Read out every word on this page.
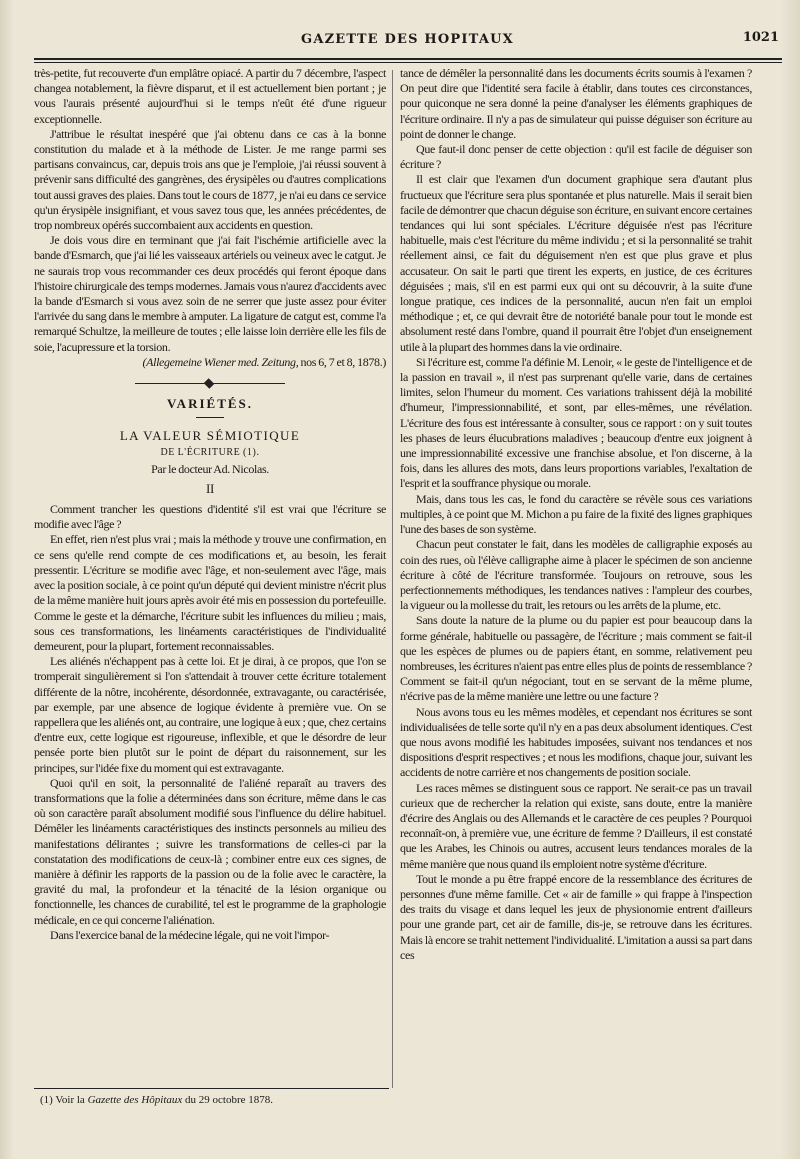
GAZETTE DES HOPITAUX	1021

très-petite, fut recouverte d'un emplâtre opiacé. A partir du 7 décembre, l'aspect changea notablement, la fièvre disparut, et il est actuellement bien portant ; je vous l'aurais présenté aujourd'hui si le temps n'eût été d'une rigueur exceptionnelle.

J'attribue le résultat inespéré que j'ai obtenu dans ce cas à la bonne constitution du malade et à la méthode de Lister. Je me range parmi ses partisans convaincus, car, depuis trois ans que je l'emploie, j'ai réussi souvent à prévenir sans difficulté des gangrènes, des érysipèles ou d'autres complications tout aussi graves des plaies. Dans tout le cours de 1877, je n'ai eu dans ce service qu'un érysipèle insignifiant, et vous savez tous que, les années précédentes, de trop nombreux opérés succombaient aux accidents en question.

Je dois vous dire en terminant que j'ai fait l'ischémie artificielle avec la bande d'Esmarch, que j'ai lié les vaisseaux artériels ou veineux avec le catgut. Je ne saurais trop vous recommander ces deux procédés qui feront époque dans l'histoire chirurgicale des temps modernes. Jamais vous n'aurez d'accidents avec la bande d'Esmarch si vous avez soin de ne serrer que juste assez pour éviter l'arrivée du sang dans le membre à amputer. La ligature de catgut est, comme l'a remarqué Schultze, la meilleure de toutes ; elle laisse loin derrière elle les fils de soie, l'acupressure et la torsion.

(Allegemeine Wiener med. Zeitung, nos 6, 7 et 8, 1878.)

VARIÉTÉS.
LA VALEUR SÉMIOTIQUE
DE L'ÉCRITURE (1).
Par le docteur Ad. Nicolas.
II

Comment trancher les questions d'identité s'il est vrai que l'écriture se modifie avec l'âge ?

En effet, rien n'est plus vrai ; mais la méthode y trouve une confirmation, en ce sens qu'elle rend compte de ces modifications et, au besoin, les ferait pressentir. L'écriture se modifie avec l'âge, et non-seulement avec l'âge, mais avec la position sociale, à ce point qu'un député qui devient ministre n'écrit plus de la même manière huit jours après avoir été mis en possession du portefeuille. Comme le geste et la démarche, l'écriture subit les influences du milieu ; mais, sous ces transformations, les linéaments caractéristiques de l'individualité demeurent, pour la plupart, fortement reconnaissables.

Les aliénés n'échappent pas à cette loi. Et je dirai, à ce propos, que l'on se tromperait singulièrement si l'on s'attendait à trouver cette écriture totalement différente de la nôtre, incohérente, désordonnée, extravagante, ou caractérisée, par exemple, par une absence de logique évidente à première vue. On se rappellera que les aliénés ont, au contraire, une logique à eux ; que, chez certains d'entre eux, cette logique est rigoureuse, inflexible, et que le désordre de leur pensée porte bien plutôt sur le point de départ du raisonnement, sur les principes, sur l'idée fixe du moment qui est extravagante.

Quoi qu'il en soit, la personnalité de l'aliéné reparaît au travers des transformations que la folie a déterminées dans son écriture, même dans le cas où son caractère paraît absolument modifié sous l'influence du délire habituel. Démêler les linéaments caractéristiques des instincts personnels au milieu des manifestations délirantes ; suivre les transformations de celles-ci par la constatation des modifications de ceux-là ; combiner entre eux ces signes, de manière à définir les rapports de la passion ou de la folie avec le caractère, la gravité du mal, la profondeur et la ténacité de la lésion organique ou fonctionnelle, les chances de curabilité, tel est le programme de la graphologie médicale, en ce qui concerne l'aliénation.

Dans l'exercice banal de la médecine légale, qui ne voit l'impor-

tance de démêler la personnalité dans les documents écrits soumis à l'examen ? On peut dire que l'identité sera facile à établir, dans toutes ces circonstances, pour quiconque ne sera donné la peine d'analyser les éléments graphiques de l'écriture ordinaire. Il n'y a pas de simulateur qui puisse déguiser son écriture au point de donner le change.

Que faut-il donc penser de cette objection : qu'il est facile de déguiser son écriture ?

Il est clair que l'examen d'un document graphique sera d'autant plus fructueux que l'écriture sera plus spontanée et plus naturelle. Mais il serait bien facile de démontrer que chacun déguise son écriture, en suivant encore certaines tendances qui lui sont spéciales. L'écriture déguisée n'est pas l'écriture habituelle, mais c'est l'écriture du même individu ; et si la personnalité se trahit réellement ainsi, ce fait du déguisement n'en est que plus grave et plus accusateur. On sait le parti que tirent les experts, en justice, de ces écritures déguisées ; mais, s'il en est parmi eux qui ont su découvrir, à la suite d'une longue pratique, ces indices de la personnalité, aucun n'en fait un emploi méthodique ; et, ce qui devrait être de notoriété banale pour tout le monde est absolument resté dans l'ombre, quand il pourrait être l'objet d'un enseignement utile à la plupart des hommes dans la vie ordinaire.

Si l'écriture est, comme l'a définie M. Lenoir, « le geste de l'intelligence et de la passion en travail », il n'est pas surprenant qu'elle varie, dans de certaines limites, selon l'humeur du moment. Ces variations trahissent déjà la mobilité d'humeur, l'impressionnabilité, et sont, par elles-mêmes, une révélation. L'écriture des fous est intéressante à consulter, sous ce rapport : on y suit toutes les phases de leurs élucubrations maladives ; beaucoup d'entre eux joignent à une impressionnabilité excessive une franchise absolue, et l'on discerne, à la fois, dans les allures des mots, dans leurs proportions variables, l'exaltation de l'esprit et la souffrance physique ou morale.

Mais, dans tous les cas, le fond du caractère se révèle sous ces variations multiples, à ce point que M. Michon a pu faire de la fixité des lignes graphiques l'une des bases de son système.

Chacun peut constater le fait, dans les modèles de calligraphie exposés au coin des rues, où l'élève calligraphe aime à placer le spécimen de son ancienne écriture à côté de l'écriture transformée. Toujours on retrouve, sous les perfectionnements méthodiques, les tendances natives : l'ampleur des courbes, la vigueur ou la mollesse du trait, les retours ou les arrêts de la plume, etc.

Sans doute la nature de la plume ou du papier est pour beaucoup dans la forme générale, habituelle ou passagère, de l'écriture ; mais comment se fait-il que les espèces de plumes ou de papiers étant, en somme, relativement peu nombreuses, les écritures n'aient pas entre elles plus de points de ressemblance ? Comment se fait-il qu'un négociant, tout en se servant de la même plume, n'écrive pas de la même manière une lettre ou une facture ?

Nous avons tous eu les mêmes modèles, et cependant nos écritures se sont individualisées de telle sorte qu'il n'y en a pas deux absolument identiques. C'est que nous avons modifié les habitudes imposées, suivant nos tendances et nos dispositions d'esprit respectives ; et nous les modifions, chaque jour, suivant les accidents de notre carrière et nos changements de position sociale.

Les races mêmes se distinguent sous ce rapport. Ne serait-ce pas un travail curieux que de rechercher la relation qui existe, sans doute, entre la manière d'écrire des Anglais ou des Allemands et le caractère de ces peuples ? Pourquoi reconnaît-on, à première vue, une écriture de femme ? D'ailleurs, il est constaté que les Arabes, les Chinois ou autres, accusent leurs tendances morales de la même manière que nous quand ils emploient notre système d'écriture.

Tout le monde a pu être frappé encore de la ressemblance des écritures de personnes d'une même famille. Cet « air de famille » qui frappe à l'inspection des traits du visage et dans lequel les jeux de physionomie entrent d'ailleurs pour une grande part, cet air de famille, dis-je, se retrouve dans les écritures. Mais là encore se trahit nettement l'individualité. L'imitation a aussi sa part dans ces

(1) Voir la Gazette des Hôpitaux du 29 octobre 1878.
